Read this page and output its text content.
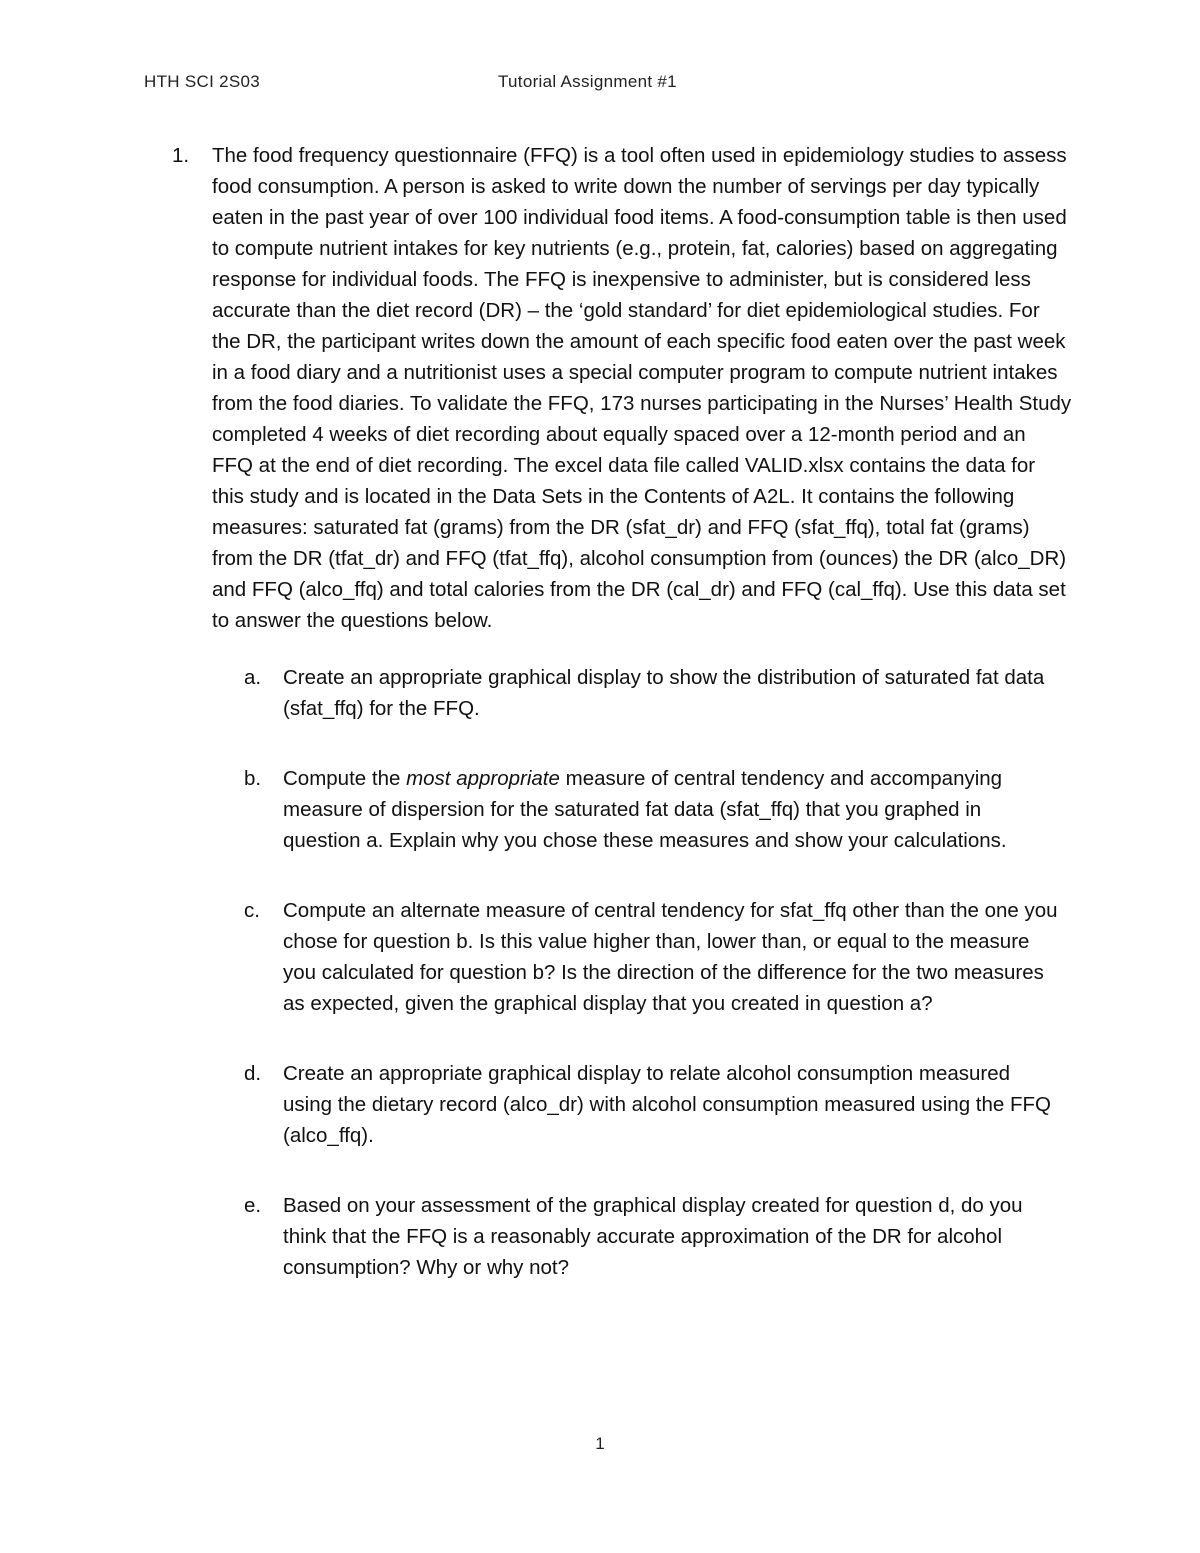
HTH SCI 2S03	Tutorial Assignment #1
1. The food frequency questionnaire (FFQ) is a tool often used in epidemiology studies to assess food consumption. A person is asked to write down the number of servings per day typically eaten in the past year of over 100 individual food items. A food-consumption table is then used to compute nutrient intakes for key nutrients (e.g., protein, fat, calories) based on aggregating response for individual foods. The FFQ is inexpensive to administer, but is considered less accurate than the diet record (DR) – the ‘gold standard’ for diet epidemiological studies. For the DR, the participant writes down the amount of each specific food eaten over the past week in a food diary and a nutritionist uses a special computer program to compute nutrient intakes from the food diaries. To validate the FFQ, 173 nurses participating in the Nurses’ Health Study completed 4 weeks of diet recording about equally spaced over a 12-month period and an FFQ at the end of diet recording. The excel data file called VALID.xlsx contains the data for this study and is located in the Data Sets in the Contents of A2L. It contains the following measures: saturated fat (grams) from the DR (sfat_dr) and FFQ (sfat_ffq), total fat (grams) from the DR (tfat_dr) and FFQ (tfat_ffq), alcohol consumption from (ounces) the DR (alco_DR) and FFQ (alco_ffq) and total calories from the DR (cal_dr) and FFQ (cal_ffq). Use this data set to answer the questions below.
a. Create an appropriate graphical display to show the distribution of saturated fat data (sfat_ffq) for the FFQ.
b. Compute the most appropriate measure of central tendency and accompanying measure of dispersion for the saturated fat data (sfat_ffq) that you graphed in question a. Explain why you chose these measures and show your calculations.
c. Compute an alternate measure of central tendency for sfat_ffq other than the one you chose for question b. Is this value higher than, lower than, or equal to the measure you calculated for question b? Is the direction of the difference for the two measures as expected, given the graphical display that you created in question a?
d. Create an appropriate graphical display to relate alcohol consumption measured using the dietary record (alco_dr) with alcohol consumption measured using the FFQ (alco_ffq).
e. Based on your assessment of the graphical display created for question d, do you think that the FFQ is a reasonably accurate approximation of the DR for alcohol consumption? Why or why not?
1
